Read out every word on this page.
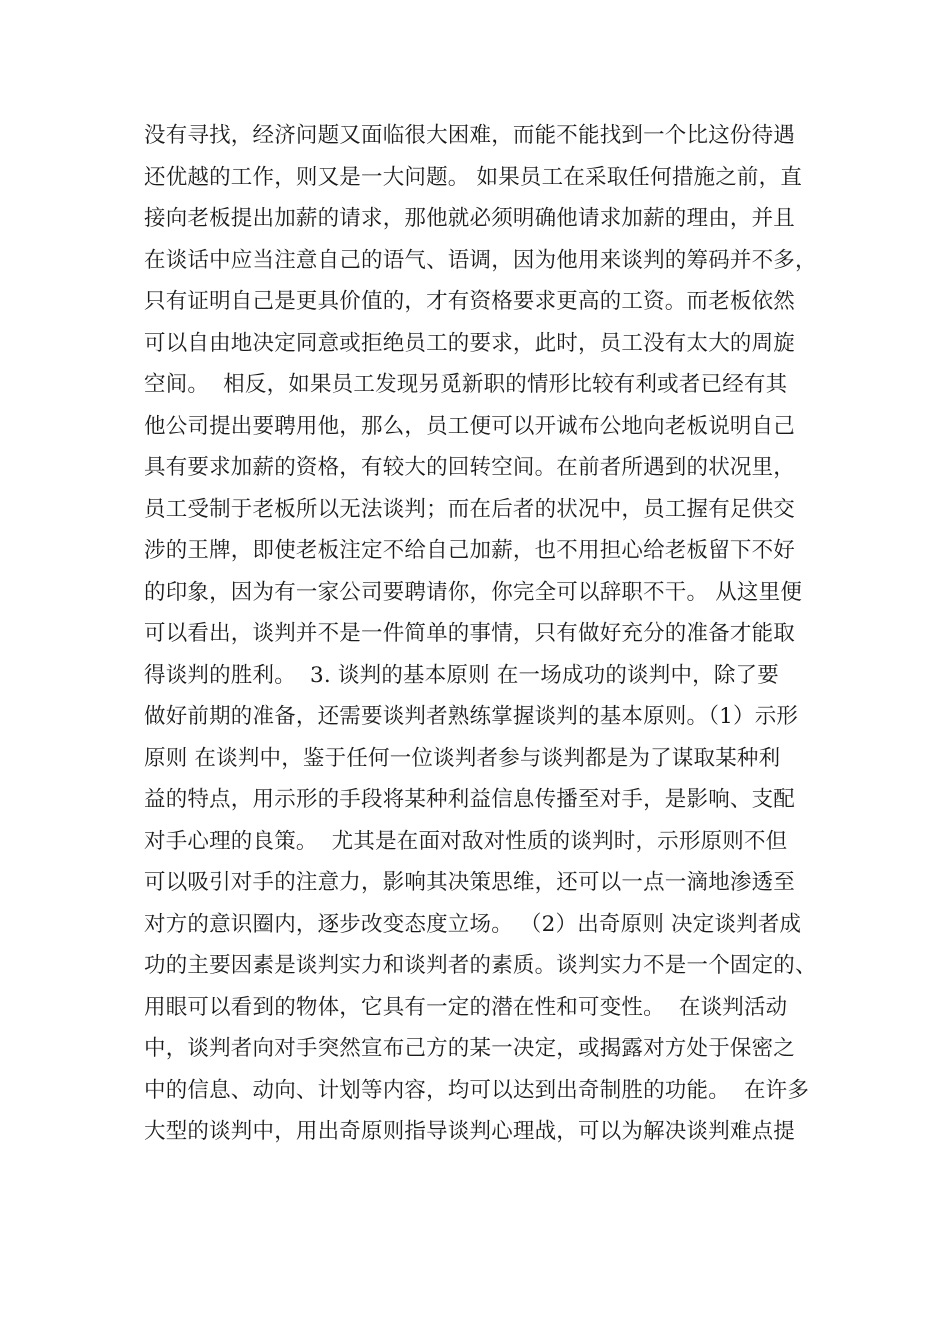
没有寻找，经济问题又面临很大困难，而能不能找到一个比这份待遇
还优越的工作，则又是一大问题。 如果员工在采取任何措施之前，直
接向老板提出加薪的请求，那他就必须明确他请求加薪的理由，并且
在谈话中应当注意自己的语气、语调，因为他用来谈判的筹码并不多，
只有证明自己是更具价值的，才有资格要求更高的工资。而老板依然
可以自由地决定同意或拒绝员工的要求，此时，员工没有太大的周旋
空间。  相反，如果员工发现另觅新职的情形比较有利或者已经有其
他公司提出要聘用他，那么，员工便可以开诚布公地向老板说明自己
具有要求加薪的资格，有较大的回转空间。在前者所遇到的状况里，
员工受制于老板所以无法谈判；而在后者的状况中，员工握有足供交
涉的王牌，即使老板注定不给自己加薪，也不用担心给老板留下不好
的印象，因为有一家公司要聘请你，你完全可以辞职不干。 从这里便
可以看出，谈判并不是一件简单的事情，只有做好充分的准备才能取
得谈判的胜利。  3. 谈判的基本原则 在一场成功的谈判中，除了要
做好前期的准备，还需要谈判者熟练掌握谈判的基本原则。（1）示形
原则 在谈判中，鉴于任何一位谈判者参与谈判都是为了谋取某种利
益的特点，用示形的手段将某种利益信息传播至对手，是影响、支配
对手心理的良策。  尤其是在面对敌对性质的谈判时，示形原则不但
可以吸引对手的注意力，影响其决策思维，还可以一点一滴地渗透至
对方的意识圈内，逐步改变态度立场。 （2）出奇原则 决定谈判者成
功的主要因素是谈判实力和谈判者的素质。谈判实力不是一个固定的、
用眼可以看到的物体，它具有一定的潜在性和可变性。  在谈判活动
中，谈判者向对手突然宣布己方的某一决定，或揭露对方处于保密之
中的信息、动向、计划等内容，均可以达到出奇制胜的功能。  在许多
大型的谈判中，用出奇原则指导谈判心理战，可以为解决谈判难点提
